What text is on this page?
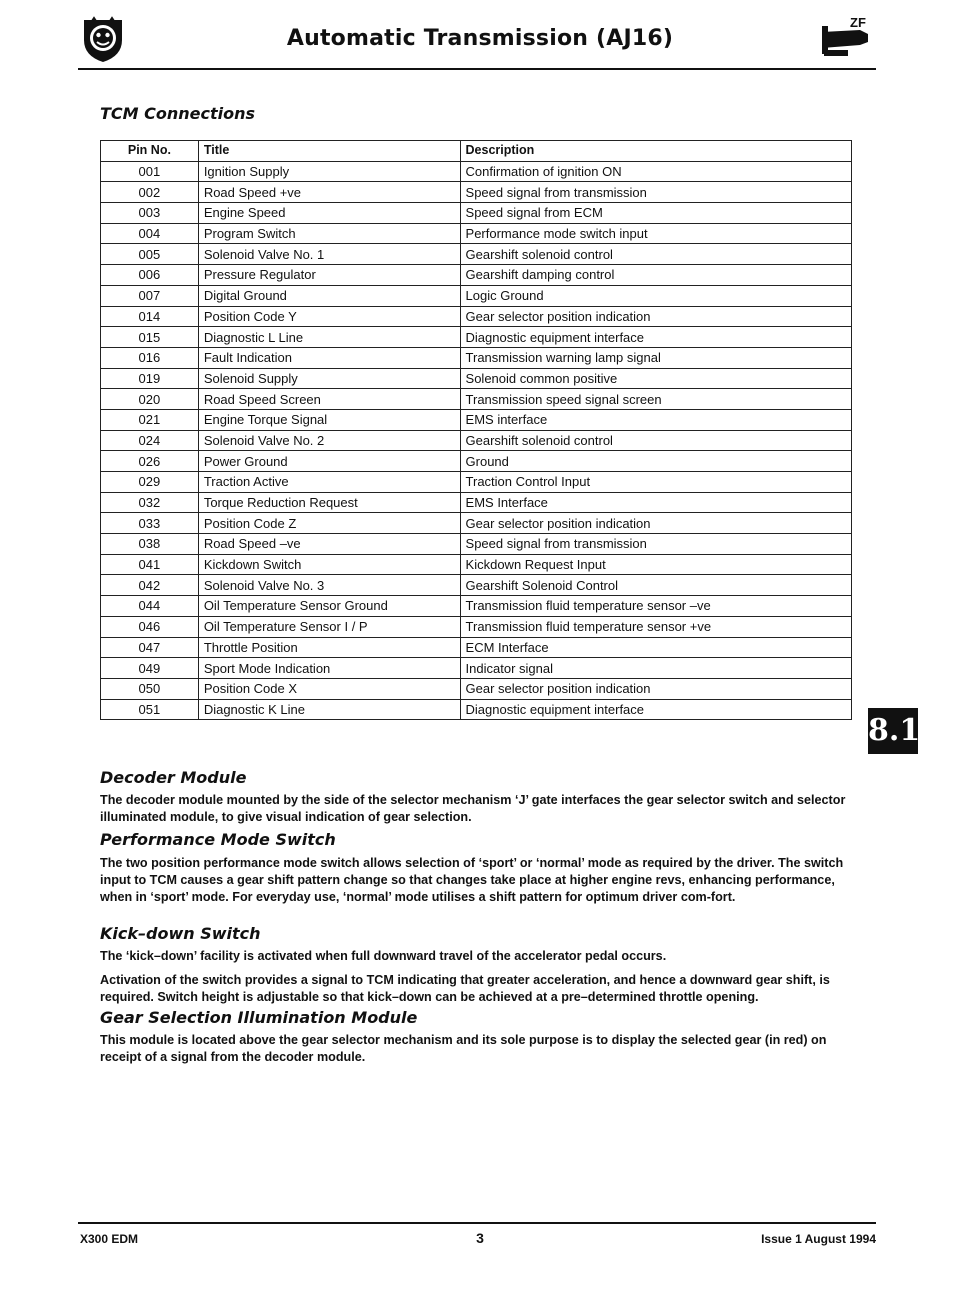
Automatic Transmission (AJ16)
ZF
TCM Connections
Pin No.	Title	Description
001	Ignition Supply	Confirmation of ignition ON
002	Road Speed +ve	Speed signal from transmission
003	Engine Speed	Speed signal from ECM
004	Program Switch	Performance mode switch input
005	Solenoid Valve No. 1	Gearshift solenoid control
006	Pressure Regulator	Gearshift damping control
007	Digital Ground	Logic Ground
014	Position Code Y	Gear selector position indication
015	Diagnostic L Line	Diagnostic equipment interface
016	Fault Indication	Transmission warning lamp signal
019	Solenoid Supply	Solenoid common positive
020	Road Speed Screen	Transmission speed signal screen
021	Engine Torque Signal	EMS interface
024	Solenoid Valve No. 2	Gearshift solenoid control
026	Power Ground	Ground
029	Traction Active	Traction Control Input
032	Torque Reduction Request	EMS Interface
033	Position Code Z	Gear selector position indication
038	Road Speed –ve	Speed signal from transmission
041	Kickdown Switch	Kickdown Request Input
042	Solenoid Valve No. 3	Gearshift Solenoid Control
044	Oil Temperature Sensor Ground	Transmission fluid temperature sensor –ve
046	Oil Temperature Sensor I / P	Transmission fluid temperature sensor +ve
047	Throttle Position	ECM Interface
049	Sport Mode Indication	Indicator signal
050	Position Code X	Gear selector position indication
051	Diagnostic K Line	Diagnostic equipment interface
8.1
Decoder Module

The decoder module mounted by the side of the selector mechanism ‘J’ gate interfaces the gear selector switch and selector illuminated module, to give visual indication of gear selection.

Performance Mode Switch

The two position performance mode switch allows selection of ‘sport’ or ‘normal’ mode as required by the driver. The switch input to TCM causes a gear shift pattern change so that changes take place at higher engine revs, enhancing performance, when in ‘sport’ mode. For everyday use, ‘normal’ mode utilises a shift pattern for optimum driver com-fort.

Kick–down Switch

The ‘kick–down’ facility is activated when full downward travel of the accelerator pedal occurs.

Activation of the switch provides a signal to TCM indicating that greater acceleration, and hence a downward gear shift, is required. Switch height is adjustable so that kick–down can be achieved at a pre–determined throttle opening.

Gear Selection Illumination Module

This module is located above the gear selector mechanism and its sole purpose is to display the selected gear (in red) on receipt of a signal from the decoder module.

X300 EDM	3	Issue 1 August 1994
